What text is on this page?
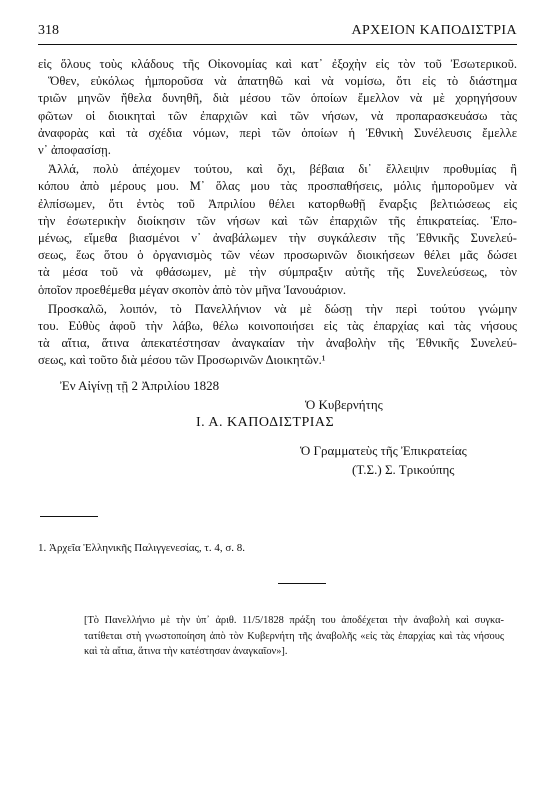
318	ΑΡΧΕΙΟΝ ΚΑΠΟΔΙΣΤΡΙΑ

εἰς ὅλους τοὺς κλάδους τῆς Οἰκονομίας καὶ κατ᾽ ἐξοχὴν εἰς τὸν τοῦ Ἐσωτερικοῦ.
Ὅθεν, εὐκόλως ἠμποροῦσα νὰ ἀπατηθῶ καὶ νὰ νομίσω, ὅτι εἰς τὸ διάστημα
τριῶν μηνῶν ἤθελα δυνηθῆ, διὰ μέσου τῶν ὁποίων ἔμελλον νὰ μὲ χορηγήσουν
φῶτων οἱ διοικηταὶ τῶν ἐπαρχιῶν καὶ τῶν νήσων, νὰ προπαρασκευάσω τὰς
ἀναφορὰς καὶ τὰ σχέδια νόμων, περὶ τῶν ὁποίων ἡ Ἐθνικὴ Συνέλευσις ἔμελλε
ν᾽ ἀποφασίσῃ.

Ἀλλά, πολὺ ἀπέχομεν τούτου, καὶ ὄχι, βέβαια δι᾽ ἔλλειψιν προθυμίας ἢ
κόπου ἀπὸ μέρους μου. Μ᾽ ὅλας μου τὰς προσπαθήσεις, μόλις ἠμποροῦμεν νὰ
ἐλπίσωμεν, ὅτι ἐντὸς τοῦ Ἀπριλίου θέλει κατορθωθῇ ἔναρξις βελτιώσεως εἰς
τὴν ἐσωτερικὴν διοίκησιν τῶν νήσων καὶ τῶν ἐπαρχιῶν τῆς ἐπικρατείας. Ἑπο-
μένως, εἴμεθα βιασμένοι ν᾽ ἀναβάλωμεν τὴν συγκάλεσιν τῆς Ἐθνικῆς Συνελεύ-
σεως, ἕως ὅτου ὁ ὀργανισμὸς τῶν νέων προσωρινῶν διοικήσεων θέλει μᾶς δώσει
τὰ μέσα τοῦ νὰ φθάσωμεν, μὲ τὴν σύμπραξιν αὐτῆς τῆς Συνελεύσεως, τὸν
ὁποῖον προεθέμεθα μέγαν σκοπὸν ἀπὸ τὸν μῆνα Ἰανουάριον.

Προσκαλῶ, λοιπόν, τὸ Πανελλήνιον νὰ μὲ δώσῃ τὴν περὶ τούτου γνώμην
του. Εὐθὺς ἀφοῦ τὴν λάβω, θέλω κοινοποιήσει εἰς τὰς ἐπαρχίας καὶ τὰς νήσους
τὰ αἴτια, ἅτινα ἀπεκατέστησαν ἀναγκαίαν τὴν ἀναβολὴν τῆς Ἐθνικῆς Συνελεύ-
σεως, καὶ τοῦτο διὰ μέσου τῶν Προσωρινῶν Διοικητῶν.¹

Ἐν Αἰγίνῃ τῇ 2 Ἀπριλίου 1828
Ὁ Κυβερνήτης
Ι. Α. ΚΑΠΟΔΙΣΤΡΙΑΣ
Ὁ Γραμματεὺς τῆς Ἐπικρατείας
(Τ.Σ.) Σ. Τρικούπης
1. Ἀρχεῖα Ἑλληνικῆς Παλιγγενεσίας, τ. 4, σ. 8.
[Τὸ Πανελλήνιο μὲ τὴν ὑπ᾽ ἀριθ. 11/5/1828 πράξη του ἀποδέχεται τὴν ἀναβολὴ καὶ συγκα-
τατίθεται στὴ γνωστοποίηση ἀπὸ τὸν Κυβερνήτη τῆς ἀναβολῆς «εἰς τὰς ἐπαρχίας καὶ τὰς νήσους
καὶ τὰ αἴτια, ἅτινα τὴν κατέστησαν ἀναγκαῖον»].
